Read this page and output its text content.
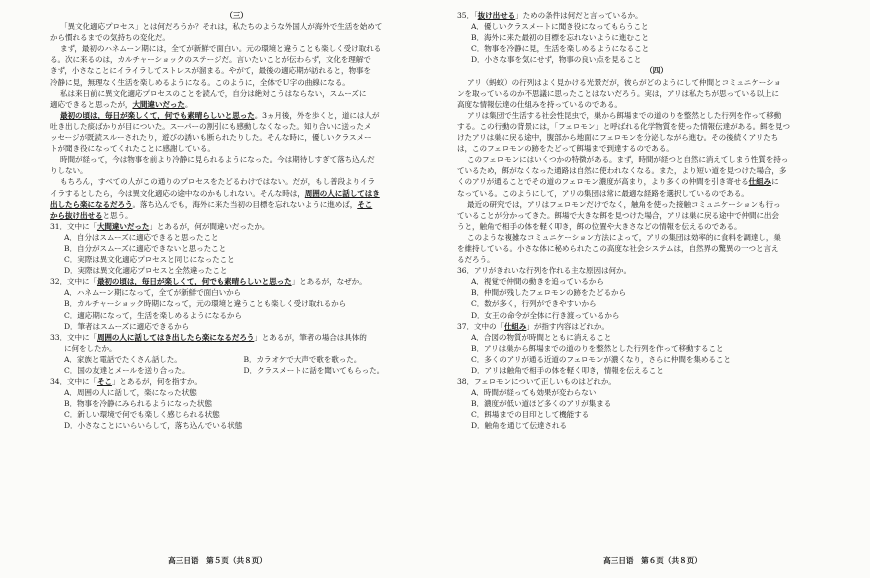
（三）
「異文化適応プロセス」とは何だろうか？それは，私たちのような外国人が海外で生活を始めて
から慣れるまでの気持ちの変化だ。
まず，最初のハネムーン期には，全てが新鮮で面白い。元の環境と違うことも楽しく受け取れる
る。次に来るのは，カルチャーショックのステージだ。言いたいことが伝わらず，文化を理解で
きず，小さなことにイライラしてストレスが溜まる。やがて，最後の適応期が訪れると，物事を
冷静に見，無理なく生活を楽しめるようになる。このように，全体でＵ字の曲線になる。
私は来日前に異文化適応プロセスのことを読んで，自分は絶対こうはならない，スムーズに
適応できると思ったが，大間違いだった。
最初の頃は，毎日が楽しくて，何でも素晴らしいと思った。3ヵ月後，外を歩くと，道には人が
吐き出した痰ばかりが目についた。スーパーの割引にも感動しなくなった。知り合いに送ったメ
ッセージが既読スルーされたり，遊びの誘いも断られたりした。そんな時に，優しいクラスメー
トが聞き役になってくれたことに感謝している。
時間が経って，今は物事を前より冷静に見られるようになった。今は期待しすぎて落ち込んだ
りしない。
もちろん，すべての人がこの通りのプロセスをたどるわけではない。だが，もし普段よりイラ
イラするとしたら，今は異文化適応の途中なのかもしれない。そんな時は，周囲の人に話してはき
出したら楽になるだろう。落ち込んでも，海外に来た当初の目標を忘れないように進めば，そこ
から抜け出せると思う。
31．文中に「大間違いだった」とあるが，何が間違いだったか。
A．自分はスムーズに適応できると思ったこと
B．自分がスムーズに適応できないと思ったこと
C．実際は異文化適応プロセスと同じになったこと
D．実際は異文化適応プロセスと全然違ったこと
32．文中に「最初の頃は，毎日が楽しくて，何でも素晴らしいと思った」とあるが，なぜか。
A．ハネムーン期になって，全てが新鮮で面白いから
B．カルチャーショック時期になって，元の環境と違うことも楽しく受け取れるから
C．適応期になって，生活を楽しめるようになるから
D．筆者はスムーズに適応できるから
33．文中に「周囲の人に話してはき出したら楽になるだろう」とあるが，筆者の場合は具体的
に何をしたか。
A．家族と電話でたくさん話した。	B．カラオケで大声で歌を歌った。
C．国の友達とメールを送り合った。	D．クラスメートに話を聞いてもらった。
34．文中に「そこ」とあるが，何を指すか。
A．周囲の人に話して，楽になった状態
B．物事を冷静にみられるようになった状態
C．新しい環境で何でも楽しく感じられる状態
D．小さなことにいらいらして，落ち込んでいる状態
高三日语　第５页（共８页）
35．「抜け出せる」ための条件は何だと言っているか。
A．優しいクラスメートに聞き役になってもらうこと
B．海外に来た最初の目標を忘れないように進むこと
C．物事を冷静に見，生活を楽しめるようになること
D．小さな事を気にせず，物事の良い点を見ること
（四）
アリ（蚂蚁）の行列はよく見かける光景だが，彼らがどのようにして仲間とコミュニケーショ
ンを取っているのか不思議に思ったことはないだろう。実は，アリは私たちが思っている以上に
高度な情報伝達の仕組みを持っているのである。
アリは集団で生活する社会性昆虫で，巣から餌場までの道のりを整然とした行列を作って移動
する。この行動の背景には，「フェロモン」と呼ばれる化学物質を使った情報伝達がある。餌を見つ
けたアリは巣に戻る途中，腹部から地面にフェロモンを分泌しながら進む。その後続くアリたち
は，このフェロモンの跡をたどって餌場まで到達するのである。
このフェロモンにはいくつかの特徴がある。まず，時間が経つと自然に消えてしまう性質を持っ
ているため，餌がなくなった通路は自然に使われなくなる。また，より短い道を見つけた場合，多
くのアリが通ることでその道のフェロモン濃度が高まり，より多くの仲間を引き寄せる仕組みに
なっている。このようにして，アリの集団は常に最適な経路を選択しているのである。
最近の研究では，アリはフェロモンだけでなく，触角を使った接触コミュニケーションも行っ
ていることが分かってきた。餌場で大きな餌を見つけた場合，アリは巣に戻る途中で仲間に出会
うと，触角で相手の体を軽く叩き，餌の位置や大きさなどの情報を伝えるのである。
このような複雑なコミュニケーション方法によって，アリの集団は効率的に食料を調達し，巣
を維持している。小さな体に秘められたこの高度な社会システムは，自然界の驚異の一つと言え
るだろう。
36．アリがきれいな行列を作れる主な原因は何か。
A．視覚で仲間の動きを追っているから
B．仲間が残したフェロモンの跡をたどるから
C．数が多く，行列ができやすいから
D．女王の命令が全体に行き渡っているから
37．文中の「仕組み」が指す内容はどれか。
A．合図の物質が時間とともに消えること
B．アリは巣から餌場までの道のりを整然とした行列を作って移動すること
C．多くのアリが通る近道のフェロモンが濃くなり，さらに仲間を集めること
D．アリは触角で相手の体を軽く叩き，情報を伝えること
38．フェロモンについて正しいものはどれか。
A．時間が経っても効果が変わらない
B．濃度が低い道ほど多くのアリが集まる
C．餌場までの目印として機能する
D．触角を通じて伝達される
高三日语　第６页（共８页）
